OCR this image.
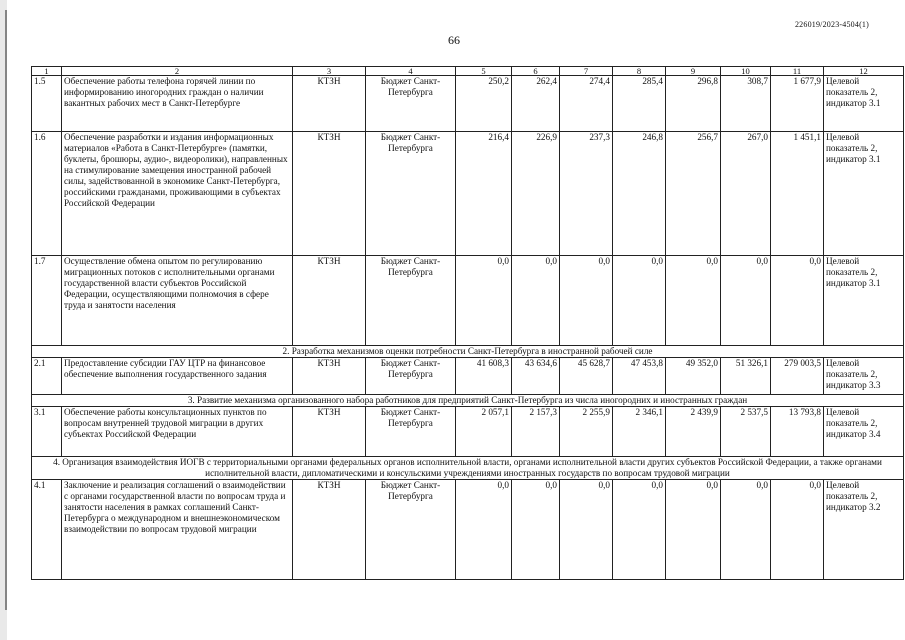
226019/2023-4504(1)
66
1	2	3	4	5	6	7	8	9	10	11	12
1.5	Обеспечение работы телефона горячей линии по информированию иногородних граждан о наличии вакантных рабочих мест в Санкт-Петербурге	КТЗН	Бюджет Санкт-Петербурга	250,2	262,4	274,4	285,4	296,8	308,7	1 677,9	Целевой показатель 2, индикатор 3.1
1.6	Обеспечение разработки и издания информационных материалов «Работа в Санкт-Петербурге» (памятки, буклеты, брошюры, аудио-, видеоролики), направленных на стимулирование замещения иностранной рабочей силы, задействованной в экономике Санкт-Петербурга, российскими гражданами, проживающими в субъектах Российской Федерации	КТЗН	Бюджет Санкт-Петербурга	216,4	226,9	237,3	246,8	256,7	267,0	1 451,1	Целевой показатель 2, индикатор 3.1
1.7	Осуществление обмена опытом по регулированию миграционных потоков с исполнительными органами государственной власти субъектов Российской Федерации, осуществляющими полномочия в сфере труда и занятости населения	КТЗН	Бюджет Санкт-Петербурга	0,0	0,0	0,0	0,0	0,0	0,0	0,0	Целевой показатель 2, индикатор 3.1
2. Разработка механизмов оценки потребности Санкт-Петербурга в иностранной рабочей силе											
2.1	Предоставление субсидии ГАУ ЦТР на финансовое обеспечение выполнения государственного задания	КТЗН	Бюджет Санкт-Петербурга	41 608,3	43 634,6	45 628,7	47 453,8	49 352,0	51 326,1	279 003,5	Целевой показатель 2, индикатор 3.3
3. Развитие механизма организованного набора работников для предприятий Санкт-Петербурга из числа иногородних и иностранных граждан											
3.1	Обеспечение работы консультационных пунктов по вопросам внутренней трудовой миграции в других субъектах Российской Федерации	КТЗН	Бюджет Санкт-Петербурга	2 057,1	2 157,3	2 255,9	2 346,1	2 439,9	2 537,5	13 793,8	Целевой показатель 2, индикатор 3.4
4. Организация взаимодействия ИОГВ с территориальными органами федеральных органов исполнительной власти, органами исполнительной власти других субъектов Российской Федерации, а также органами исполнительной власти, дипломатическими и консульскими учреждениями иностранных государств по вопросам трудовой миграции											
4.1	Заключение и реализация соглашений о взаимодействии с органами государственной власти по вопросам труда и занятости населения в рамках соглашений Санкт-Петербурга о международном и внешнеэкономическом взаимодействии по вопросам трудовой миграции	КТЗН	Бюджет Санкт-Петербурга	0,0	0,0	0,0	0,0	0,0	0,0	0,0	Целевой показатель 2, индикатор 3.2
